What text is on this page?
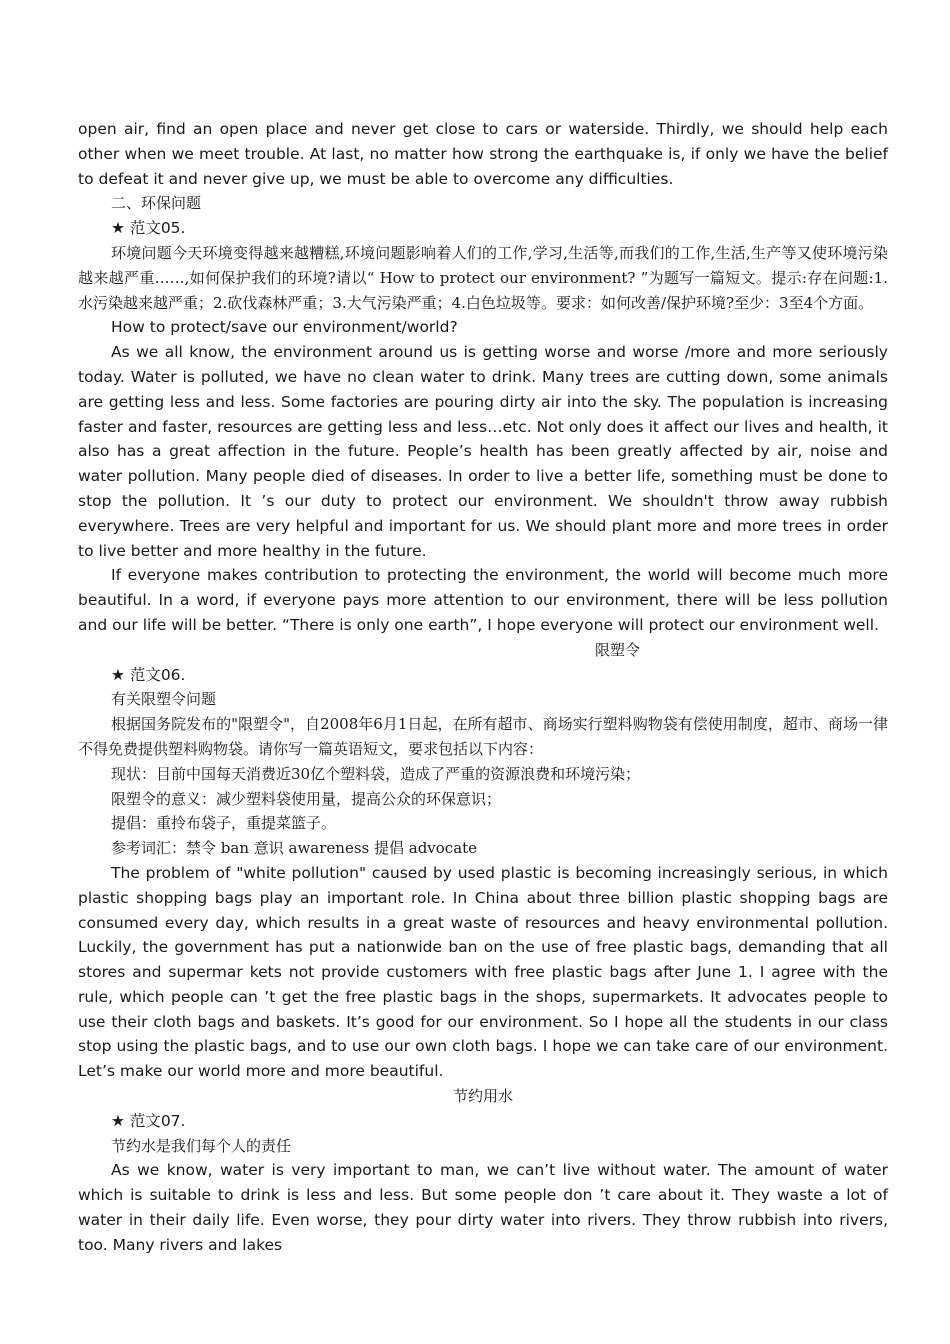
open air, find an open place and never get close to cars or waterside. Thirdly, we should help each other when we meet trouble. At last, no matter how strong the earthquake is, if only we have the belief to defeat it and never give up, we must be able to overcome any difficulties.

二、环保问题

★ 范文05.

环境问题今天环境变得越来越糟糕,环境问题影响着人们的工作,学习,生活等,而我们的工作,生活,生产等又使环境污染越来越严重……,如何保护我们的环境?请以“ How to protect our environment? ”为题写一篇短文。提示:存在问题:1.水污染越来越严重；2.砍伐森林严重；3.大气污染严重；4.白色垃圾等。要求：如何改善/保护环境?至少：3至4个方面。

How to protect/save our environment/world?

As we all know, the environment around us is getting worse and worse /more and more seriously today. Water is polluted, we have no clean water to drink. Many trees are cutting down, some animals are getting less and less. Some factories are pouring dirty air into the sky. The population is increasing faster and faster, resources are getting less and less…etc. Not only does it affect our lives and health, it also has a great affection in the future. People’s health has been greatly affected by air, noise and water pollution. Many people died of diseases. In order to live a better life, something must be done to stop the pollution. It ’s our duty to protect our environment. We shouldn't throw away rubbish everywhere. Trees are very helpful and important for us. We should plant more and more trees in order to live better and more healthy in the future.

If everyone makes contribution to protecting the environment, the world will become much more beautiful. In a word, if everyone pays more attention to our environment, there will be less pollution and our life will be better. “There is only one earth”, I hope everyone will protect our environment well.

限塑令

★ 范文06.

有关限塑令问题

根据国务院发布的"限塑令"，自2008年6月1日起，在所有超市、商场实行塑料购物袋有偿使用制度，超市、商场一律不得免费提供塑料购物袋。请你写一篇英语短文，要求包括以下内容：

现状：目前中国每天消费近30亿个塑料袋，造成了严重的资源浪费和环境污染；

限塑令的意义：减少塑料袋使用量，提高公众的环保意识；

提倡：重拎布袋子，重提菜篮子。

参考词汇：禁令 ban 意识 awareness 提倡 advocate

The problem of "white pollution" caused by used plastic is becoming increasingly serious, in which plastic shopping bags play an important role. In China about three billion plastic shopping bags are consumed every day, which results in a great waste of resources and heavy environmental pollution. Luckily, the government has put a nationwide ban on the use of free plastic bags, demanding that all stores and supermar kets not provide customers with free plastic bags after June 1. I agree with the rule, which people can ’t get the free plastic bags in the shops, supermarkets. It advocates people to use their cloth bags and baskets. It’s good for our environment. So I hope all the students in our class stop using the plastic bags, and to use our own cloth bags. I hope we can take care of our environment. Let’s make our world more and more beautiful.

节约用水

★ 范文07.

节约水是我们每个人的责任

As we know, water is very important to man, we can’t live without water. The amount of water which is suitable to drink is less and less. But some people don ’t care about it. They waste a lot of water in their daily life. Even worse, they pour dirty water into rivers. They throw rubbish into rivers, too. Many rivers and lakes
